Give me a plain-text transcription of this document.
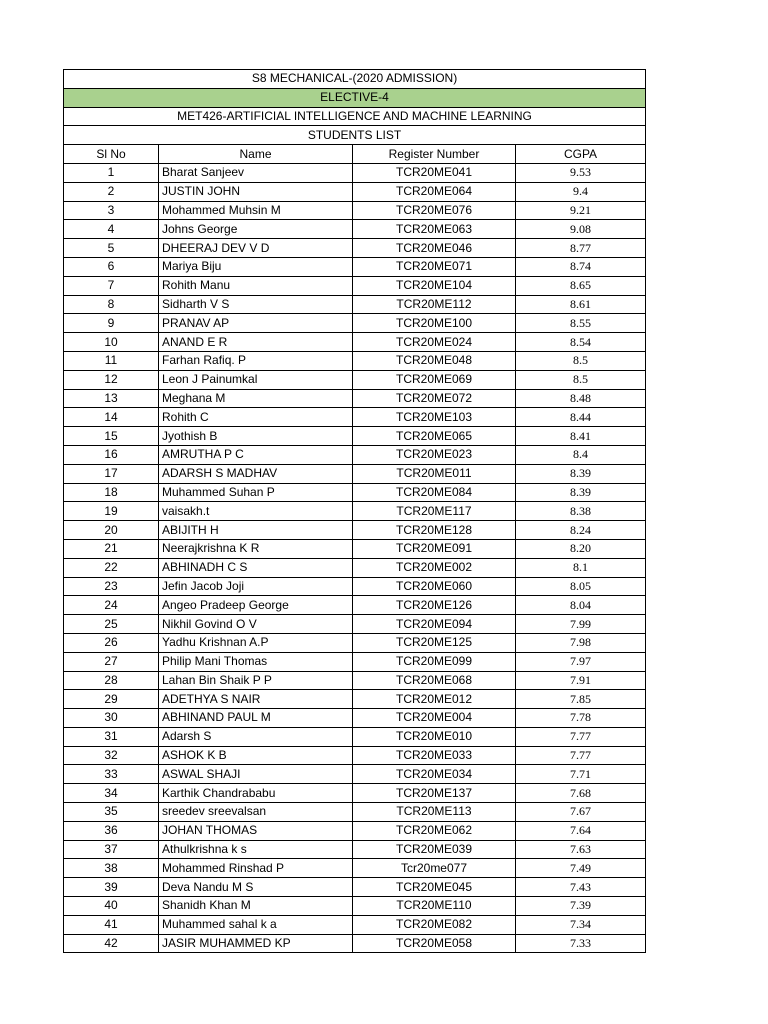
S8 MECHANICAL-(2020 ADMISSION)			
ELECTIVE-4			
MET426-ARTIFICIAL INTELLIGENCE AND MACHINE LEARNING			
STUDENTS LIST			
Sl No	Name	Register Number	CGPA
1	Bharat Sanjeev	TCR20ME041	9.53
2	JUSTIN JOHN	TCR20ME064	9.4
3	Mohammed Muhsin M	TCR20ME076	9.21
4	Johns George	TCR20ME063	9.08
5	DHEERAJ DEV V D	TCR20ME046	8.77
6	Mariya Biju	TCR20ME071	8.74
7	Rohith Manu	TCR20ME104	8.65
8	Sidharth V S	TCR20ME112	8.61
9	PRANAV AP	TCR20ME100	8.55
10	ANAND E R	TCR20ME024	8.54
11	Farhan Rafiq. P	TCR20ME048	8.5
12	Leon J Painumkal	TCR20ME069	8.5
13	Meghana M	TCR20ME072	8.48
14	Rohith C	TCR20ME103	8.44
15	Jyothish B	TCR20ME065	8.41
16	AMRUTHA P C	TCR20ME023	8.4
17	ADARSH S MADHAV	TCR20ME011	8.39
18	Muhammed Suhan P	TCR20ME084	8.39
19	vaisakh.t	TCR20ME117	8.38
20	ABIJITH H	TCR20ME128	8.24
21	Neerajkrishna K R	TCR20ME091	8.20
22	ABHINADH C S	TCR20ME002	8.1
23	Jefin Jacob Joji	TCR20ME060	8.05
24	Angeo Pradeep George	TCR20ME126	8.04
25	Nikhil Govind O V	TCR20ME094	7.99
26	Yadhu Krishnan A.P	TCR20ME125	7.98
27	Philip Mani Thomas	TCR20ME099	7.97
28	Lahan Bin Shaik P P	TCR20ME068	7.91
29	ADETHYA S NAIR	TCR20ME012	7.85
30	ABHINAND PAUL M	TCR20ME004	7.78
31	Adarsh S	TCR20ME010	7.77
32	ASHOK K B	TCR20ME033	7.77
33	ASWAL SHAJI	TCR20ME034	7.71
34	Karthik Chandrababu	TCR20ME137	7.68
35	sreedev sreevalsan	TCR20ME113	7.67
36	JOHAN THOMAS	TCR20ME062	7.64
37	Athulkrishna k s	TCR20ME039	7.63
38	Mohammed Rinshad P	Tcr20me077	7.49
39	Deva Nandu M S	TCR20ME045	7.43
40	Shanidh Khan M	TCR20ME110	7.39
41	Muhammed sahal k a	TCR20ME082	7.34
42	JASIR MUHAMMED KP	TCR20ME058	7.33
